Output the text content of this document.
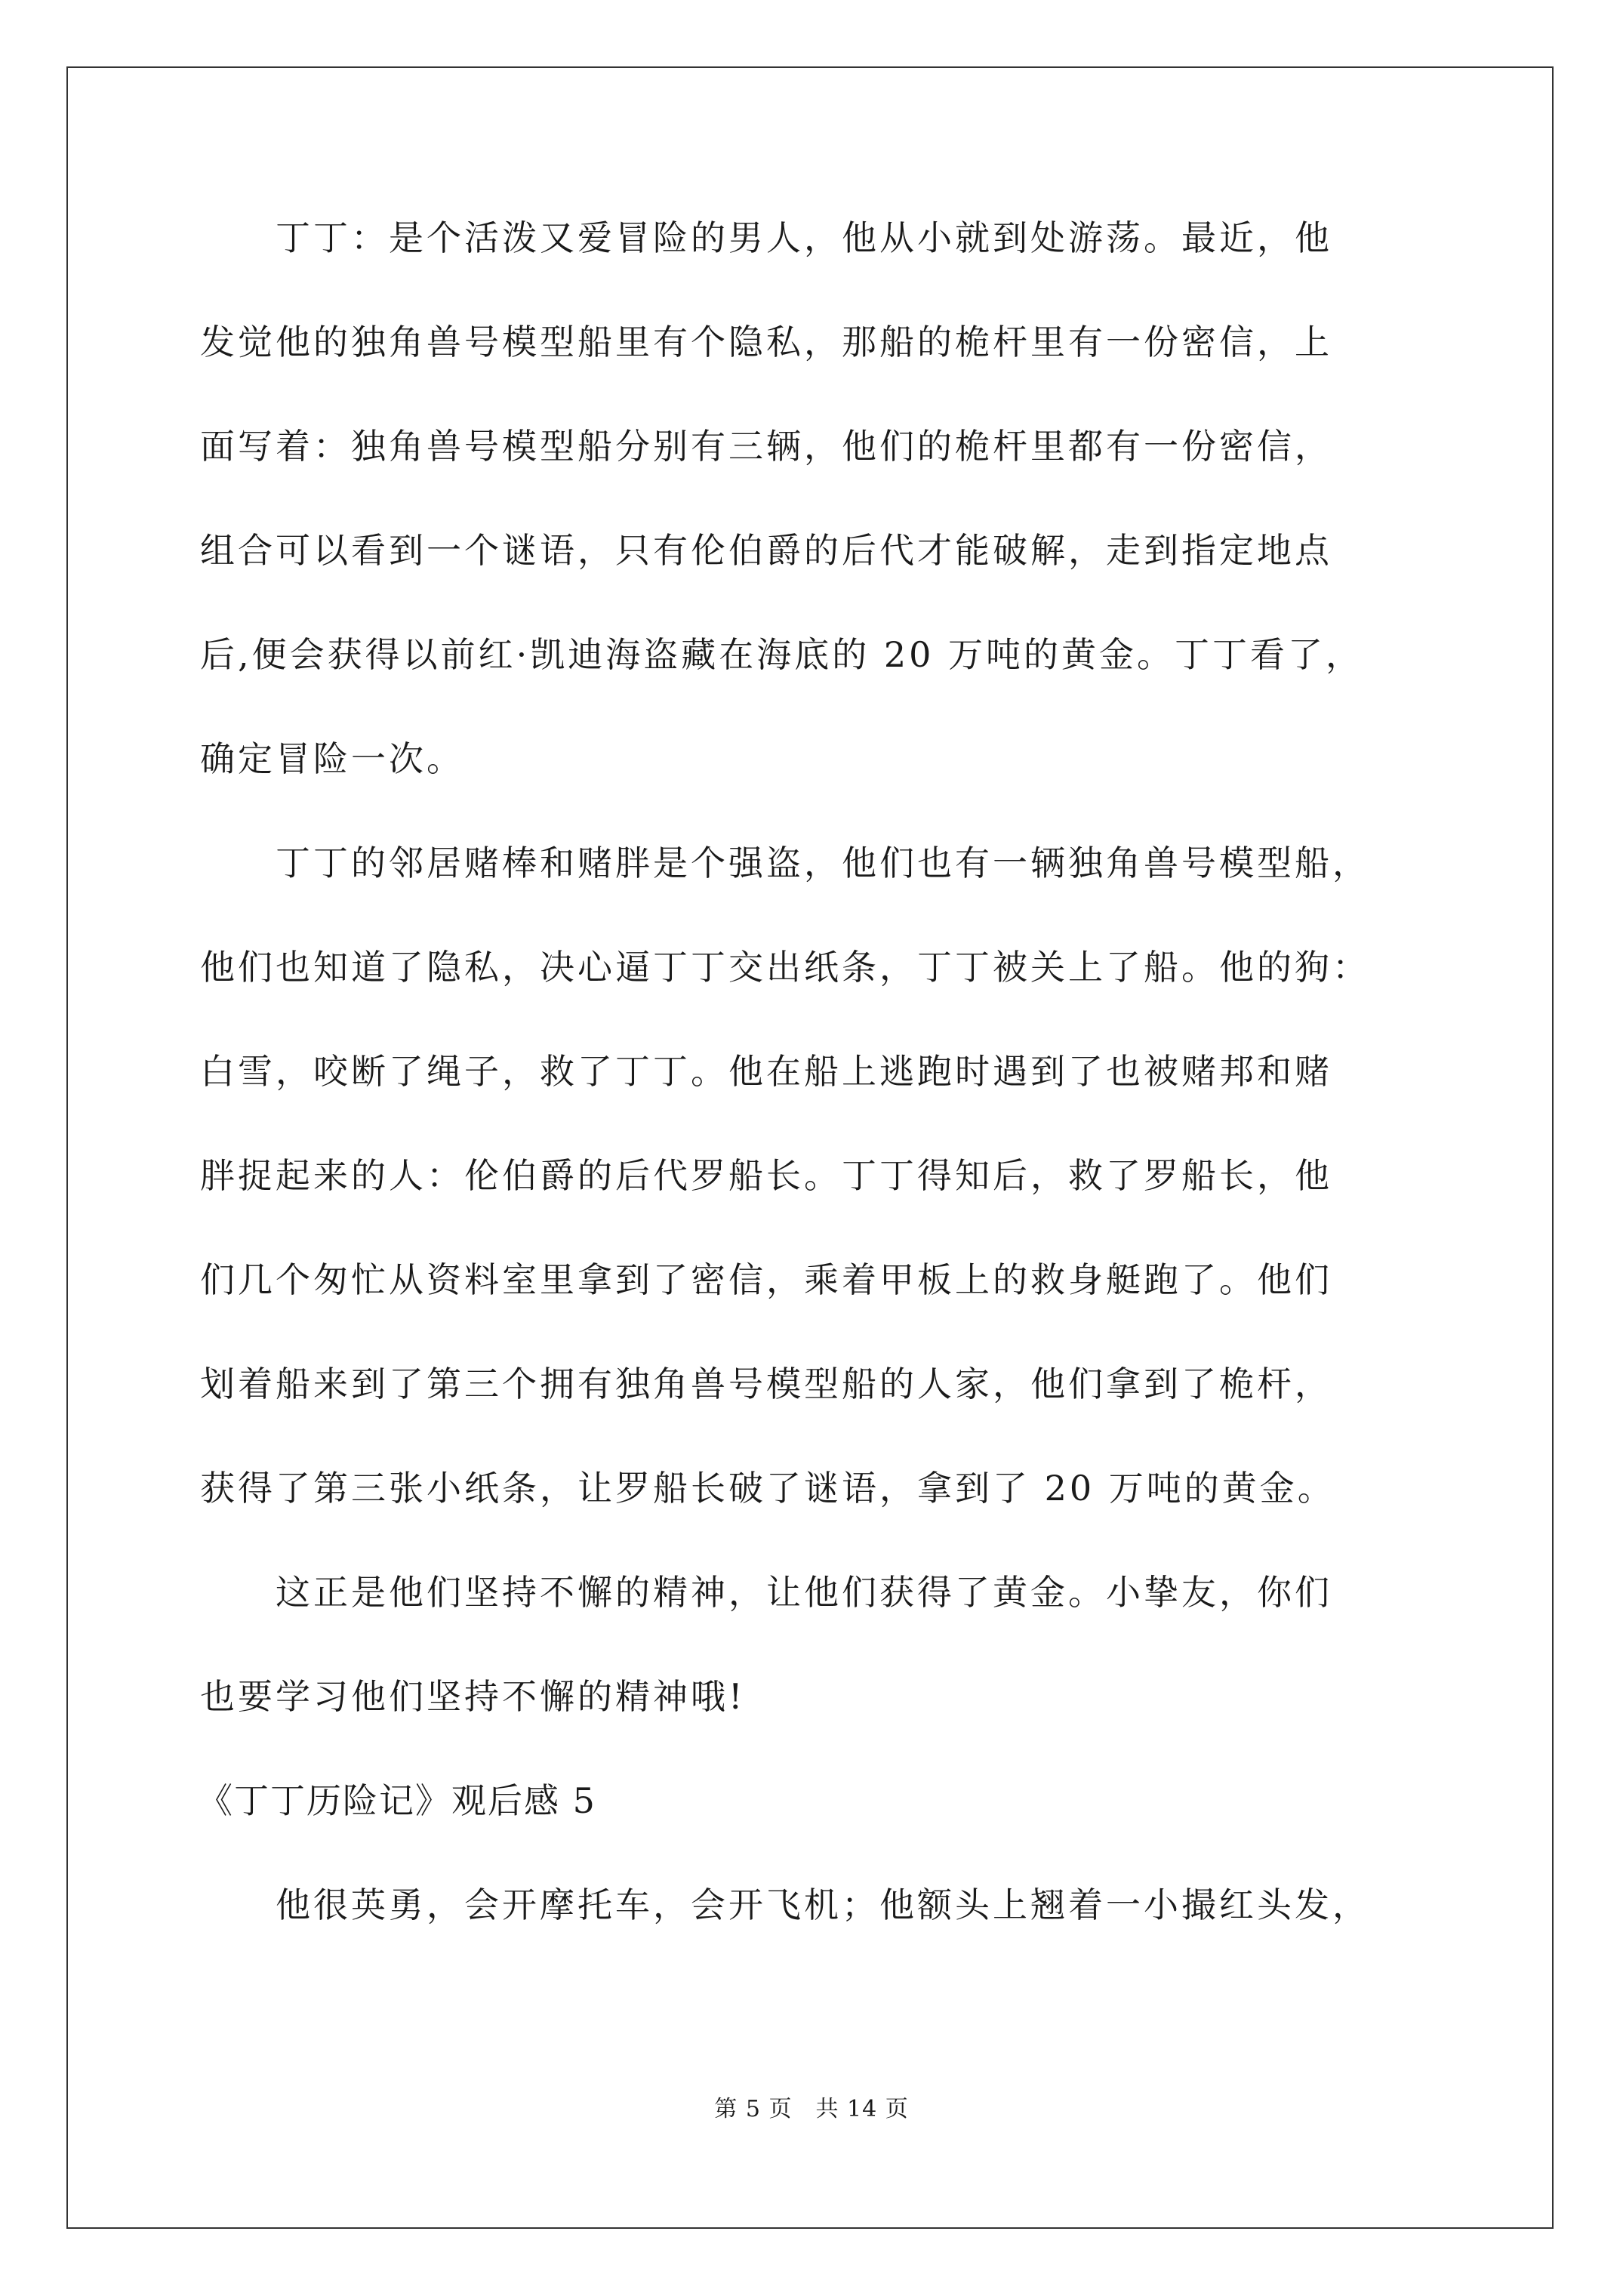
丁丁：是个活泼又爱冒险的男人，他从小就到处游荡。最近，他
发觉他的独角兽号模型船里有个隐私，那船的桅杆里有一份密信，上
面写着：独角兽号模型船分别有三辆，他们的桅杆里都有一份密信，
组合可以看到一个谜语，只有伦伯爵的后代才能破解，走到指定地点
后,便会获得以前红·凯迪海盗藏在海底的 20 万吨的黄金。丁丁看了，
确定冒险一次。
丁丁的邻居赌棒和赌胖是个强盗，他们也有一辆独角兽号模型船，
他们也知道了隐私，决心逼丁丁交出纸条，丁丁被关上了船。他的狗：
白雪，咬断了绳子，救了丁丁。他在船上逃跑时遇到了也被赌邦和赌
胖捉起来的人：伦伯爵的后代罗船长。丁丁得知后，救了罗船长，他
们几个匆忙从资料室里拿到了密信，乘着甲板上的救身艇跑了。他们
划着船来到了第三个拥有独角兽号模型船的人家，他们拿到了桅杆，
获得了第三张小纸条，让罗船长破了谜语，拿到了 20 万吨的黄金。
这正是他们坚持不懈的精神，让他们获得了黄金。小挚友，你们
也要学习他们坚持不懈的精神哦!
《丁丁历险记》观后感 5
他很英勇，会开摩托车，会开飞机；他额头上翘着一小撮红头发，
第 5 页　共 14 页
